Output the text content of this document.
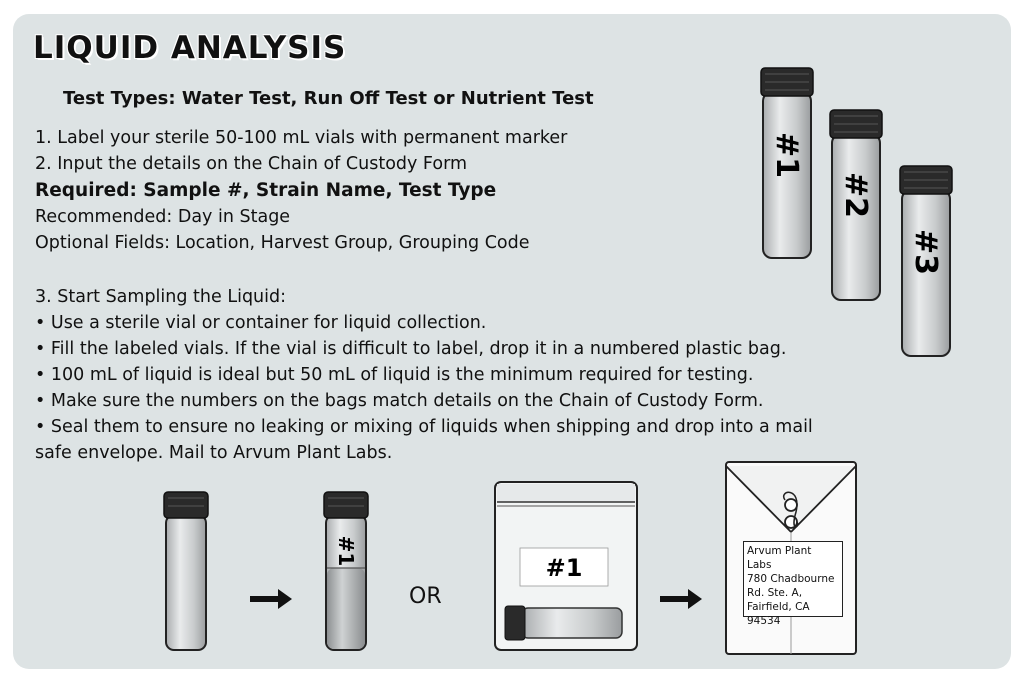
LIQUID ANALYSIS
Test Types: Water Test, Run Off Test or Nutrient Test
1. Label your sterile 50-100 mL vials with permanent marker
2. Input the details on the Chain of Custody Form
Required: Sample #, Strain Name, Test Type
Recommended: Day in Stage
Optional Fields: Location, Harvest Group, Grouping Code
3. Start Sampling the Liquid:
• Use a sterile vial or container for liquid collection.
• Fill the labeled vials. If the vial is difficult to label, drop it in a numbered plastic bag.
• 100 mL of liquid is ideal but 50 mL of liquid is the minimum required for testing.
• Make sure the numbers on the bags match details on the Chain of Custody Form.
• Seal them to ensure no leaking or mixing of liquids when shipping and drop into a mail
safe envelope. Mail to Arvum Plant Labs.
#1
#2
#3
#1
#1
OR
Arvum Plant Labs
780 Chadbourne
Rd. Ste. A,
Fairfield, CA
94534
